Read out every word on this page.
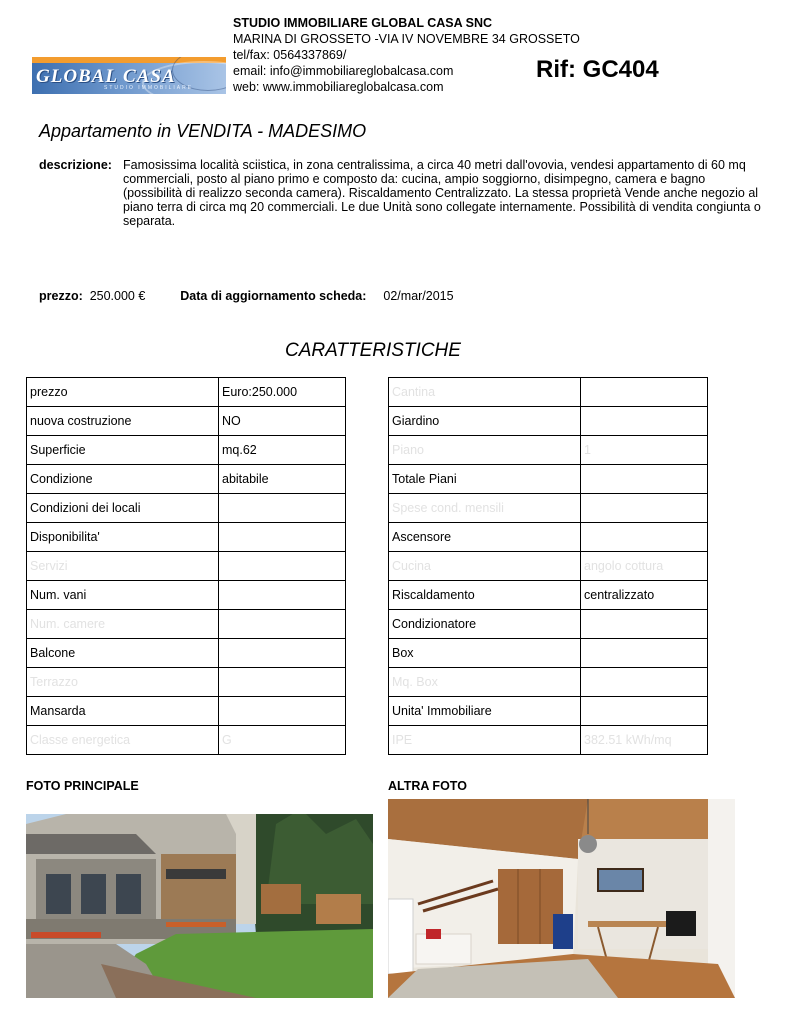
GLOBAL CASA
STUDIO IMMOBILIARE
STUDIO IMMOBILIARE GLOBAL CASA SNC
MARINA DI GROSSETO -VIA IV NOVEMBRE 34 GROSSETO
tel/fax: 0564337869/
email: info@immobiliareglobalcasa.com
web: www.immobiliareglobalcasa.com
Rif: GC404
Appartamento in VENDITA - MADESIMO
descrizione: Famosissima località sciistica, in zona centralissima, a circa 40 metri dall'ovovia, vendesi appartamento di 60 mq commerciali, posto al piano primo e composto da: cucina, ampio soggiorno, disimpegno, camera e bagno (possibilità di realizzo seconda camera). Riscaldamento Centralizzato. La stessa proprietà Vende anche negozio al piano terra di circa mq 20 commerciali. Le due Unità sono collegate internamente. Possibilità di vendita congiunta o separata.
prezzo: 250.000 €	Data di aggiornamento scheda: 02/mar/2015
CARATTERISTICHE
prezzo	Euro:250.000
nuova costruzione	NO
Superficie	mq.62
Condizione	abitabile
Condizioni dei locali	
Disponibilita'	
Servizi	
Num. vani	
Num. camere	
Balcone	
Terrazzo	
Mansarda	
Classe energetica	G
Cantina	
Giardino	
Piano	1
Totale Piani	
Spese cond. mensili	
Ascensore	
Cucina	angolo cottura
Riscaldamento	centralizzato
Condizionatore	
Box	
Mq. Box	
Unita' Immobiliare	
IPE	382.51 kWh/mq
FOTO PRINCIPALE	ALTRA FOTO
